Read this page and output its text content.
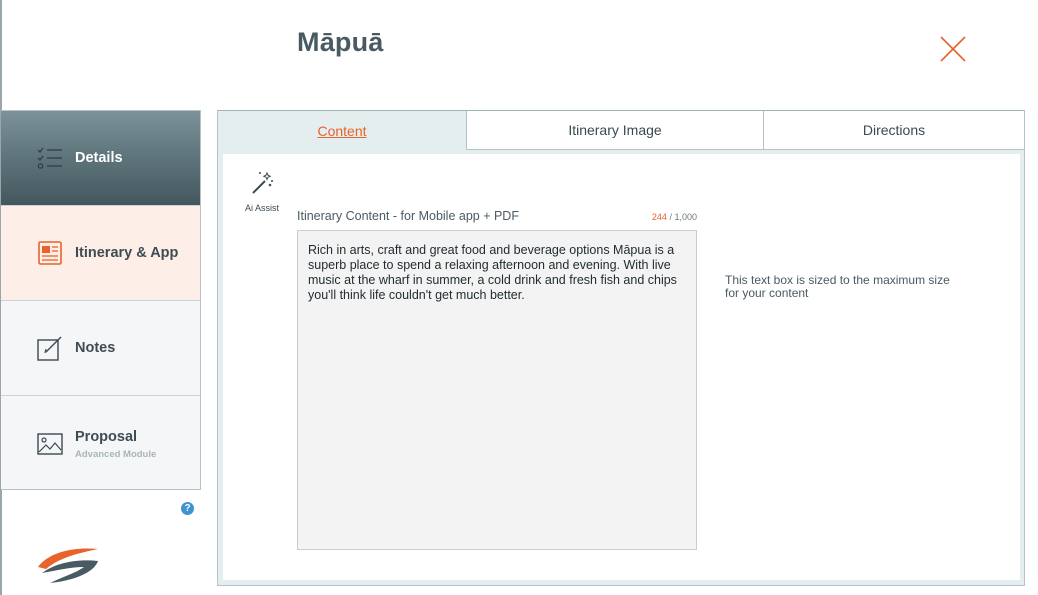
Māpuā
Details
Itinerary & App
Notes
Proposal
Advanced Module
?
Content	Itinerary Image	Directions
Ai Assist
Itinerary Content - for Mobile app + PDF	244 / 1,000
Rich in arts, craft and great food and beverage options Māpua is a superb place to spend a relaxing afternoon and evening. With live music at the wharf in summer, a cold drink and fresh fish and chips you'll think life couldn't get much better.
This text box is sized to the maximum size for your content
